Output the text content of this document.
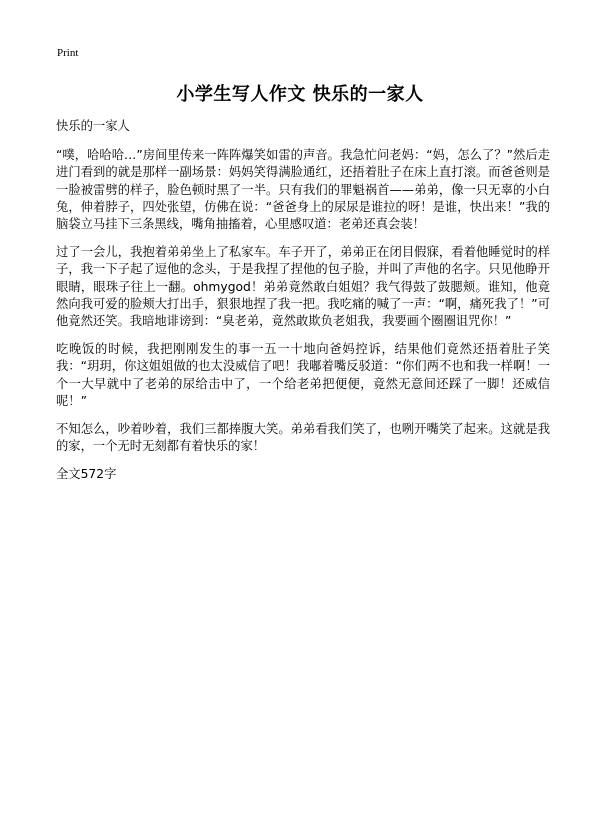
Print
小学生写人作文 快乐的一家人

快乐的一家人

“噗，哈哈哈…”房间里传来一阵阵爆笑如雷的声音。我急忙问老妈：“妈，怎么了？”然后走进门看到的就是那样一副场景：妈妈笑得满脸通红，还捂着肚子在床上直打滚。而爸爸则是一脸被雷劈的样子，脸色顿时黑了一半。只有我们的罪魁祸首——弟弟，像一只无辜的小白兔，伸着脖子，四处张望，仿佛在说：“爸爸身上的尿尿是谁拉的呀！是谁，快出来！”我的脑袋立马挂下三条黑线，嘴角抽搐着，心里感叹道：老弟还真会装！

过了一会儿，我抱着弟弟坐上了私家车。车子开了，弟弟正在闭目假寐，看着他睡觉时的样子，我一下子起了逗他的念头，于是我捏了捏他的包子脸，并叫了声他的名字。只见他睁开眼睛，眼珠子往上一翻。ohmygod！弟弟竟然敢白姐姐？我气得鼓了鼓腮颊。谁知，他竟然向我可爱的脸颊大打出手，狠狠地捏了我一把。我吃痛的喊了一声：“啊，痛死我了！”可他竟然还笑。我暗地诽谤到：“臭老弟，竟然敢欺负老姐我，我要画个圈圈诅咒你！”

吃晚饭的时候，我把刚刚发生的事一五一十地向爸妈控诉，结果他们竟然还捂着肚子笑我：“玥玥，你这姐姐做的也太没威信了吧！我嘟着嘴反驳道：“你们两不也和我一样啊！一个一大早就中了老弟的尿给击中了，一个给老弟把便便，竟然无意间还踩了一脚！还威信呢！”

不知怎么，吵着吵着，我们三都捧腹大笑。弟弟看我们笑了，也咧开嘴笑了起来。这就是我的家，一个无时无刻都有着快乐的家！

全文572字
